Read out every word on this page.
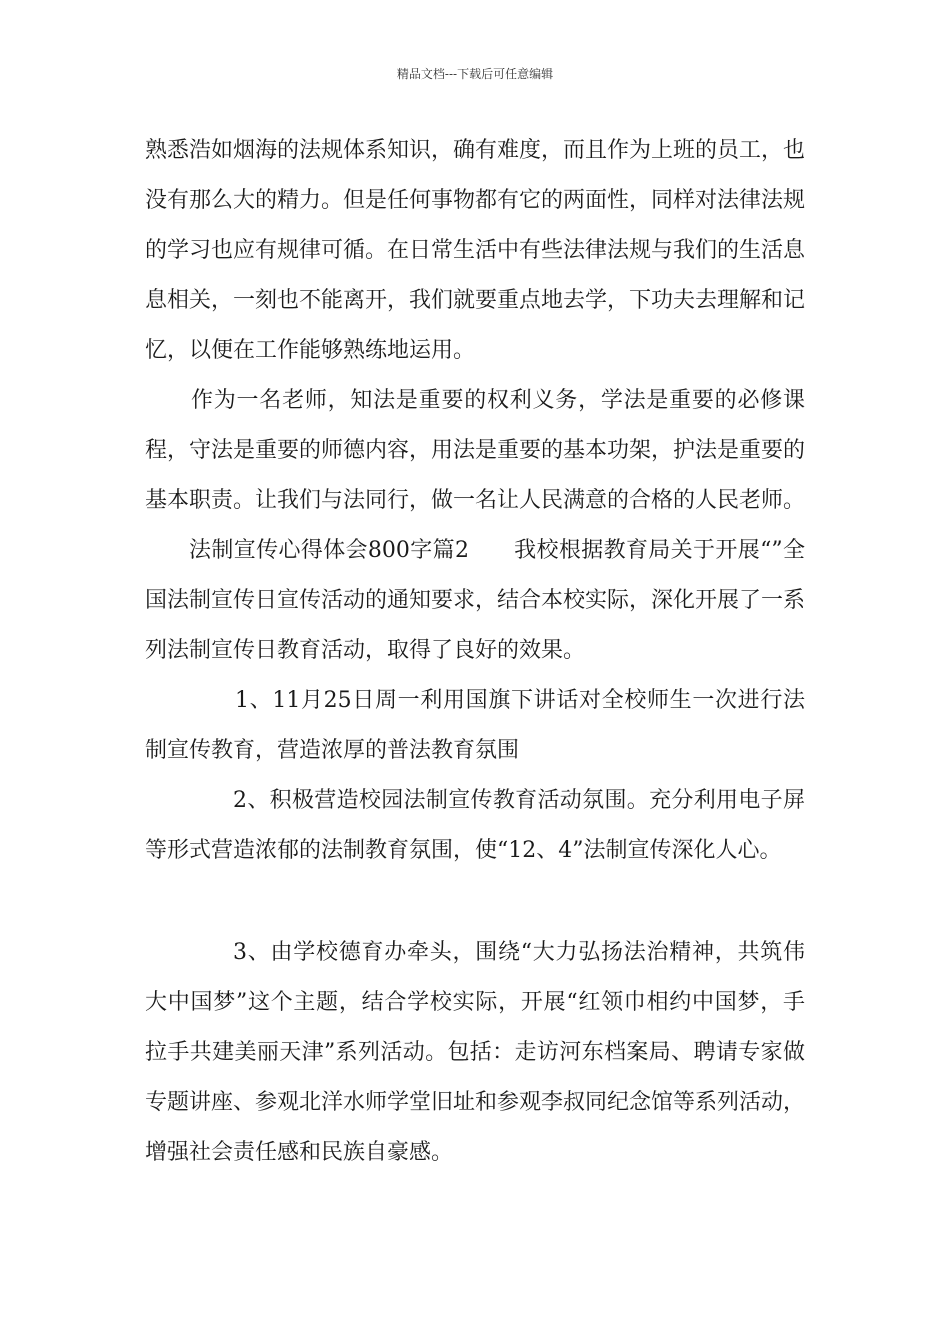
精品文档---下载后可任意编辑

熟悉浩如烟海的法规体系知识，确有难度，而且作为上班的员工，也没有那么大的精力。但是任何事物都有它的两面性，同样对法律法规的学习也应有规律可循。在日常生活中有些法律法规与我们的生活息息相关，一刻也不能离开，我们就要重点地去学，下功夫去理解和记忆，以便在工作能够熟练地运用。

作为一名老师，知法是重要的权利义务，学法是重要的必修课程，守法是重要的师德内容，用法是重要的基本功架，护法是重要的基本职责。让我们与法同行，做一名让人民满意的合格的人民老师。

法制宣传心得体会800字篇2　　我校根据教育局关于开展“”全国法制宣传日宣传活动的通知要求，结合本校实际，深化开展了一系列法制宣传日教育活动，取得了良好的效果。

1、11月25日周一利用国旗下讲话对全校师生一次进行法制宣传教育，营造浓厚的普法教育氛围

2、积极营造校园法制宣传教育活动氛围。充分利用电子屏等形式营造浓郁的法制教育氛围，使“12、4”法制宣传深化人心。

3、由学校德育办牵头，围绕“大力弘扬法治精神，共筑伟大中国梦”这个主题，结合学校实际，开展“红领巾相约中国梦，手拉手共建美丽天津”系列活动。包括：走访河东档案局、聘请专家做专题讲座、参观北洋水师学堂旧址和参观李叔同纪念馆等系列活动，增强社会责任感和民族自豪感。
